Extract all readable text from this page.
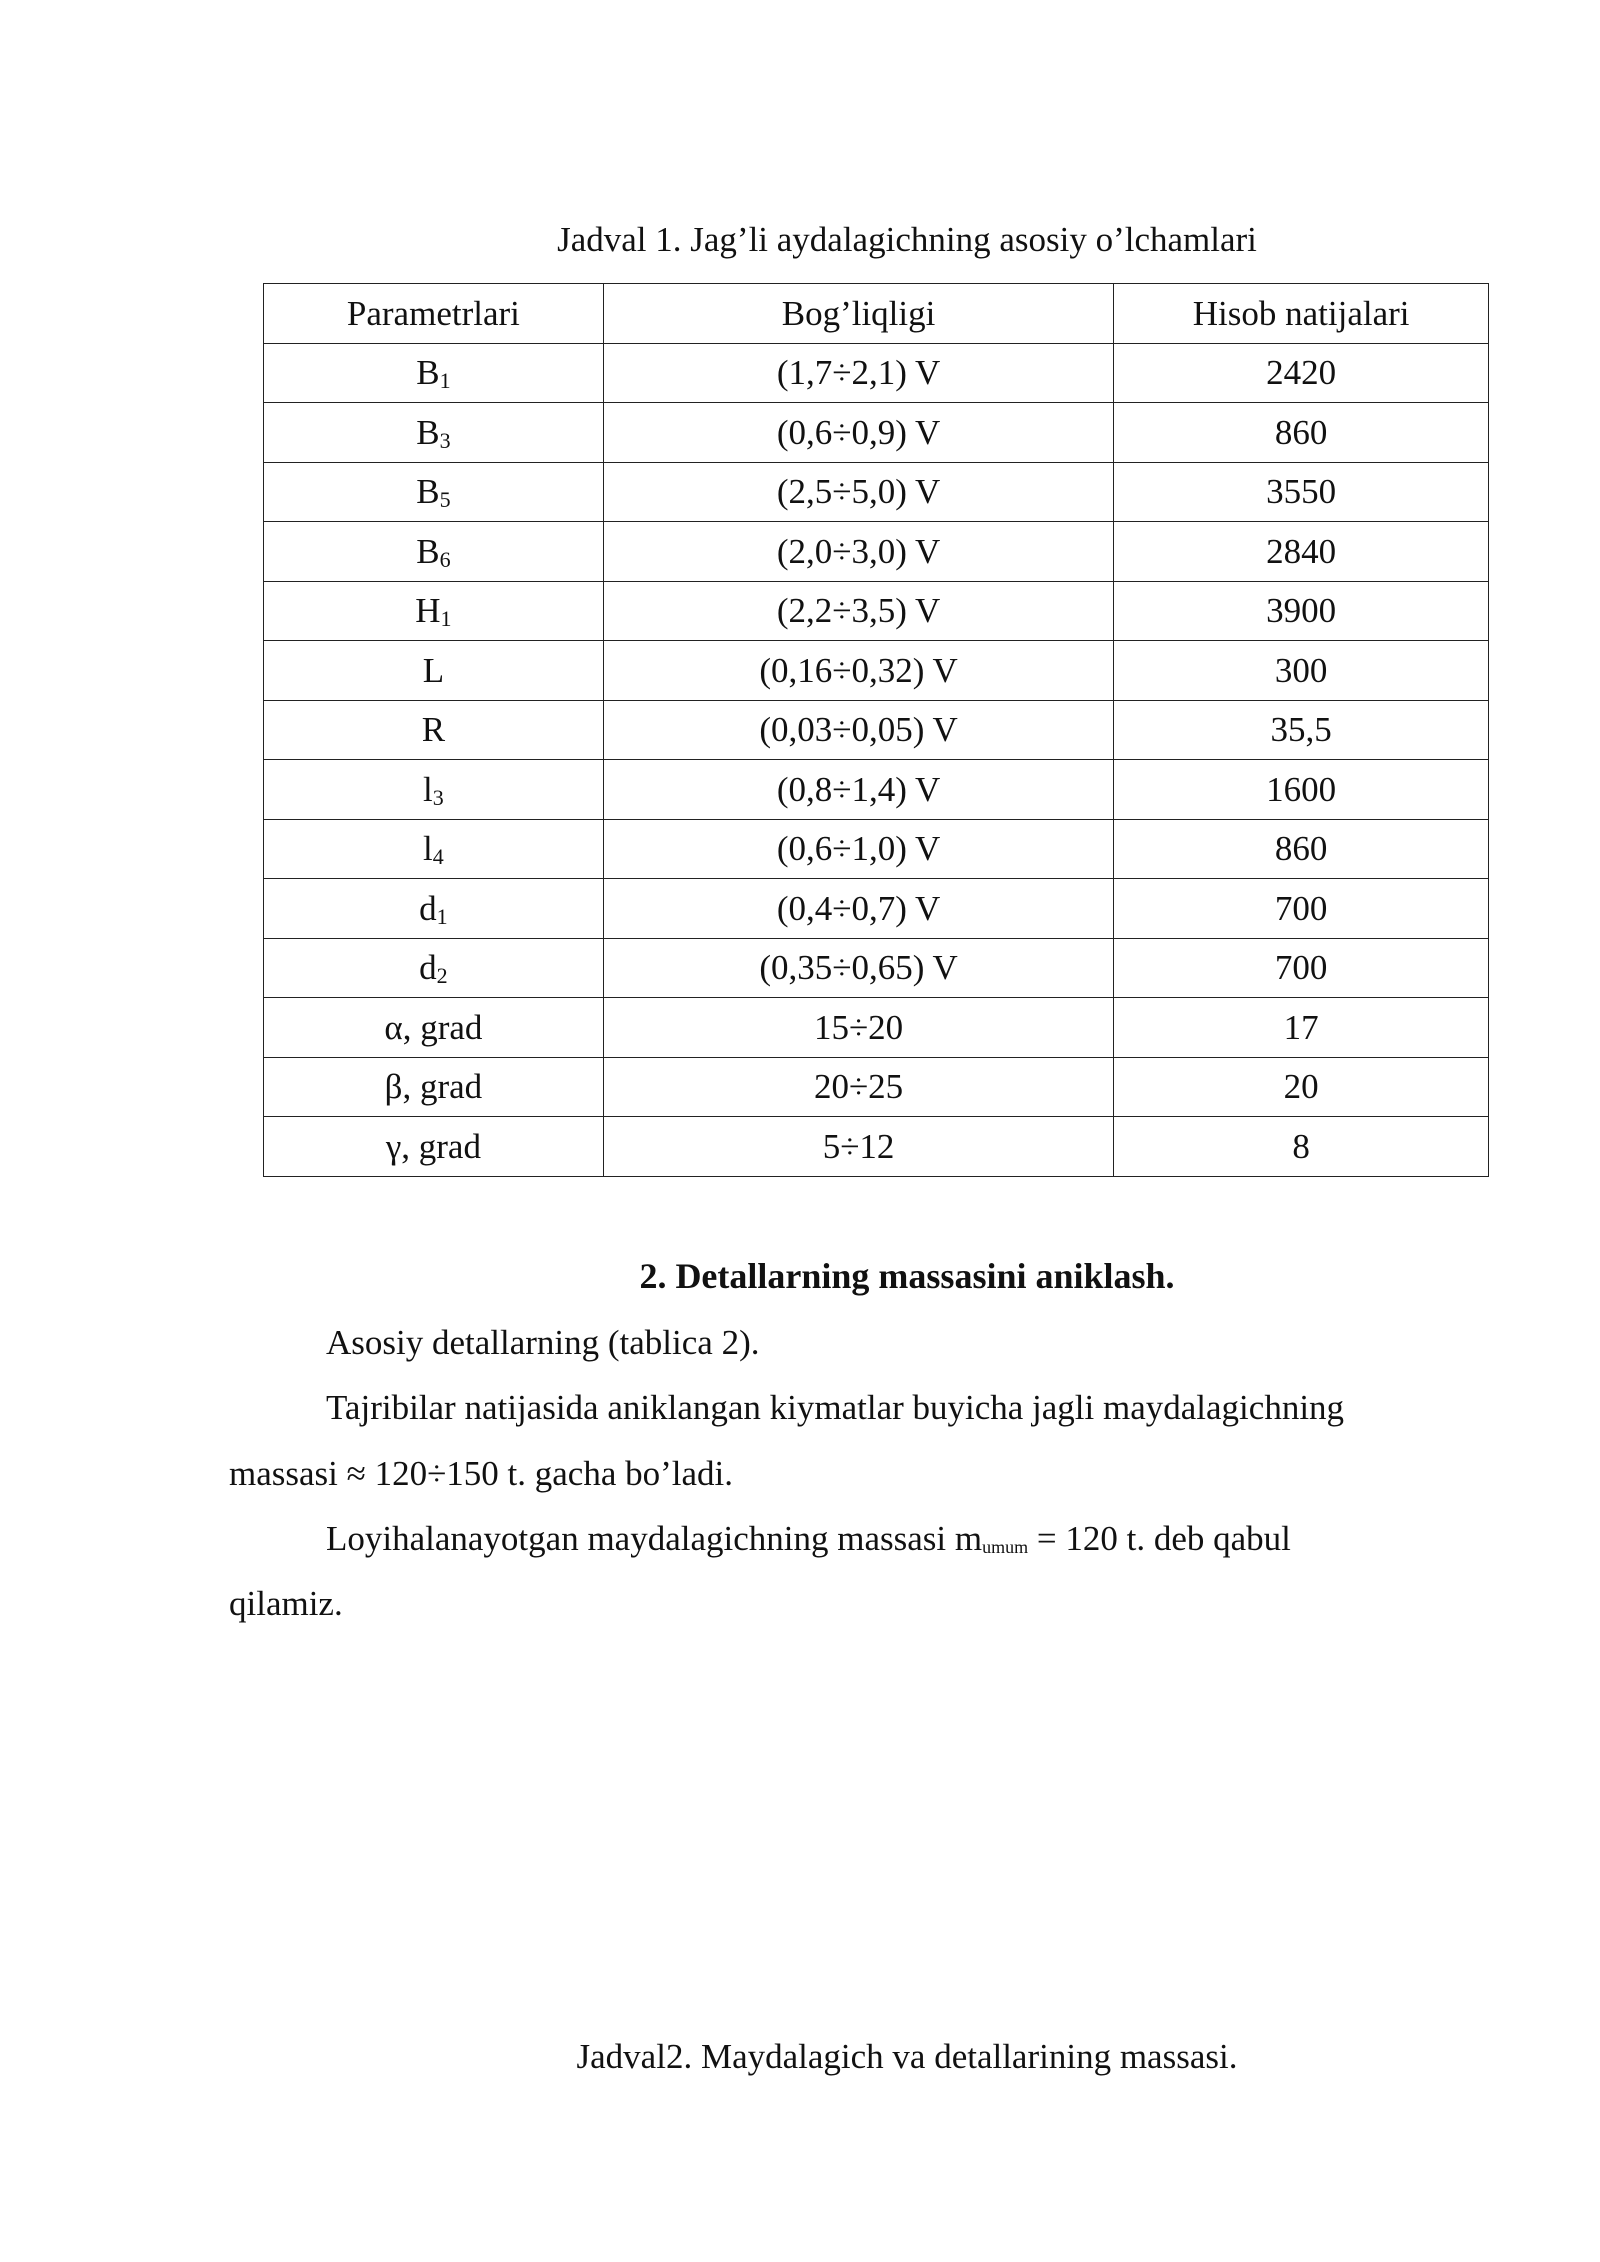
Jadval 1. Jag’li aydalagichning asosiy o’lchamlari
Parametrlari	Bog’liqligi	Hisob natijalari
$B_1$	(1,7÷2,1) V	2420
$B_3$	(0,6÷0,9) V	860
$B_5$	(2,5÷5,0) V	3550
$B_6$	(2,0÷3,0) V	2840
$H_1$	(2,2÷3,5) V	3900
L	(0,16÷0,32) V	300
R	(0,03÷0,05) V	35,5
$l_3$	(0,8÷1,4) V	1600
$l_4$	(0,6÷1,0) V	860
$d_1$	(0,4÷0,7) V	700
$d_2$	(0,35÷0,65) V	700
α, grad	15÷20	17
β, grad	20÷25	20
γ, grad	5÷12	8
2. Detallarning massasini aniklash.
Asosiy detallarning (tablica 2).
Tajribilar natijasida aniklangan kiymatlar buyicha jagli maydalagichning
massasi ≈ 120÷150 t. gacha bo’ladi.
Loyihalanayotgan maydalagichning massasi $m_{umum} = 120$ t. deb qabul
qilamiz.
Jadval2. Maydalagich va detallarining massasi.
